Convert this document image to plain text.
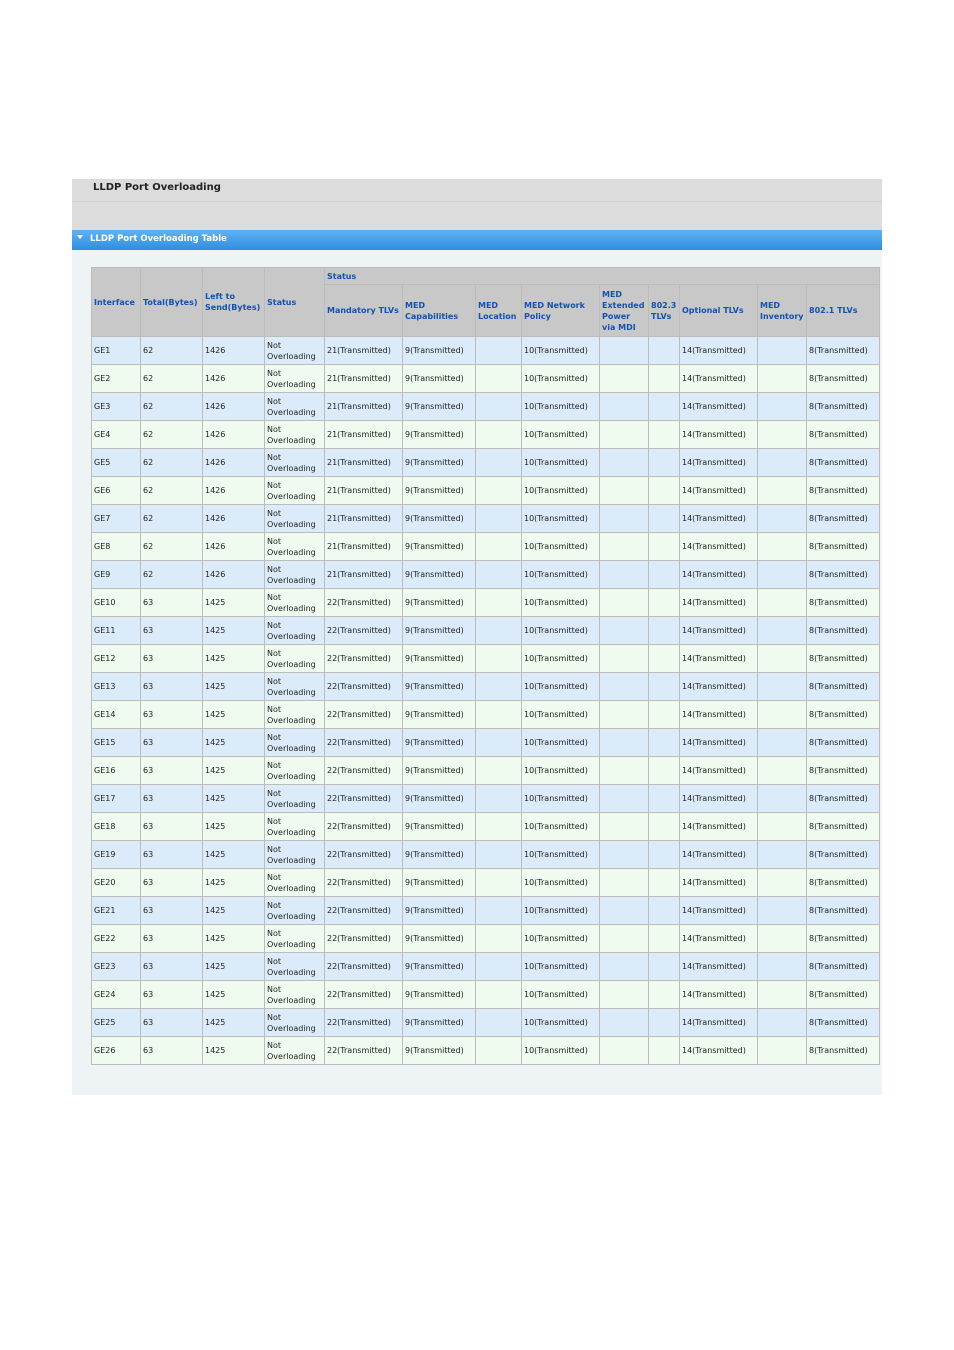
LLDP Port Overloading
LLDP Port Overloading Table
Interface	Total(Bytes)	Left to Send(Bytes)	Status	Status								
				Mandatory TLVs	MED Capabilities	MED Location	MED Network Policy	MED Extended Power via MDI	802.3 TLVs	Optional TLVs	MED Inventory	802.1 TLVs
GE1	62	1426	Not Overloading	21(Transmitted)	9(Transmitted)		10(Transmitted)			14(Transmitted)		8(Transmitted)
GE2	62	1426	Not Overloading	21(Transmitted)	9(Transmitted)		10(Transmitted)			14(Transmitted)		8(Transmitted)
GE3	62	1426	Not Overloading	21(Transmitted)	9(Transmitted)		10(Transmitted)			14(Transmitted)		8(Transmitted)
GE4	62	1426	Not Overloading	21(Transmitted)	9(Transmitted)		10(Transmitted)			14(Transmitted)		8(Transmitted)
GE5	62	1426	Not Overloading	21(Transmitted)	9(Transmitted)		10(Transmitted)			14(Transmitted)		8(Transmitted)
GE6	62	1426	Not Overloading	21(Transmitted)	9(Transmitted)		10(Transmitted)			14(Transmitted)		8(Transmitted)
GE7	62	1426	Not Overloading	21(Transmitted)	9(Transmitted)		10(Transmitted)			14(Transmitted)		8(Transmitted)
GE8	62	1426	Not Overloading	21(Transmitted)	9(Transmitted)		10(Transmitted)			14(Transmitted)		8(Transmitted)
GE9	62	1426	Not Overloading	21(Transmitted)	9(Transmitted)		10(Transmitted)			14(Transmitted)		8(Transmitted)
GE10	63	1425	Not Overloading	22(Transmitted)	9(Transmitted)		10(Transmitted)			14(Transmitted)		8(Transmitted)
GE11	63	1425	Not Overloading	22(Transmitted)	9(Transmitted)		10(Transmitted)			14(Transmitted)		8(Transmitted)
GE12	63	1425	Not Overloading	22(Transmitted)	9(Transmitted)		10(Transmitted)			14(Transmitted)		8(Transmitted)
GE13	63	1425	Not Overloading	22(Transmitted)	9(Transmitted)		10(Transmitted)			14(Transmitted)		8(Transmitted)
GE14	63	1425	Not Overloading	22(Transmitted)	9(Transmitted)		10(Transmitted)			14(Transmitted)		8(Transmitted)
GE15	63	1425	Not Overloading	22(Transmitted)	9(Transmitted)		10(Transmitted)			14(Transmitted)		8(Transmitted)
GE16	63	1425	Not Overloading	22(Transmitted)	9(Transmitted)		10(Transmitted)			14(Transmitted)		8(Transmitted)
GE17	63	1425	Not Overloading	22(Transmitted)	9(Transmitted)		10(Transmitted)			14(Transmitted)		8(Transmitted)
GE18	63	1425	Not Overloading	22(Transmitted)	9(Transmitted)		10(Transmitted)			14(Transmitted)		8(Transmitted)
GE19	63	1425	Not Overloading	22(Transmitted)	9(Transmitted)		10(Transmitted)			14(Transmitted)		8(Transmitted)
GE20	63	1425	Not Overloading	22(Transmitted)	9(Transmitted)		10(Transmitted)			14(Transmitted)		8(Transmitted)
GE21	63	1425	Not Overloading	22(Transmitted)	9(Transmitted)		10(Transmitted)			14(Transmitted)		8(Transmitted)
GE22	63	1425	Not Overloading	22(Transmitted)	9(Transmitted)		10(Transmitted)			14(Transmitted)		8(Transmitted)
GE23	63	1425	Not Overloading	22(Transmitted)	9(Transmitted)		10(Transmitted)			14(Transmitted)		8(Transmitted)
GE24	63	1425	Not Overloading	22(Transmitted)	9(Transmitted)		10(Transmitted)			14(Transmitted)		8(Transmitted)
GE25	63	1425	Not Overloading	22(Transmitted)	9(Transmitted)		10(Transmitted)			14(Transmitted)		8(Transmitted)
GE26	63	1425	Not Overloading	22(Transmitted)	9(Transmitted)		10(Transmitted)			14(Transmitted)		8(Transmitted)
